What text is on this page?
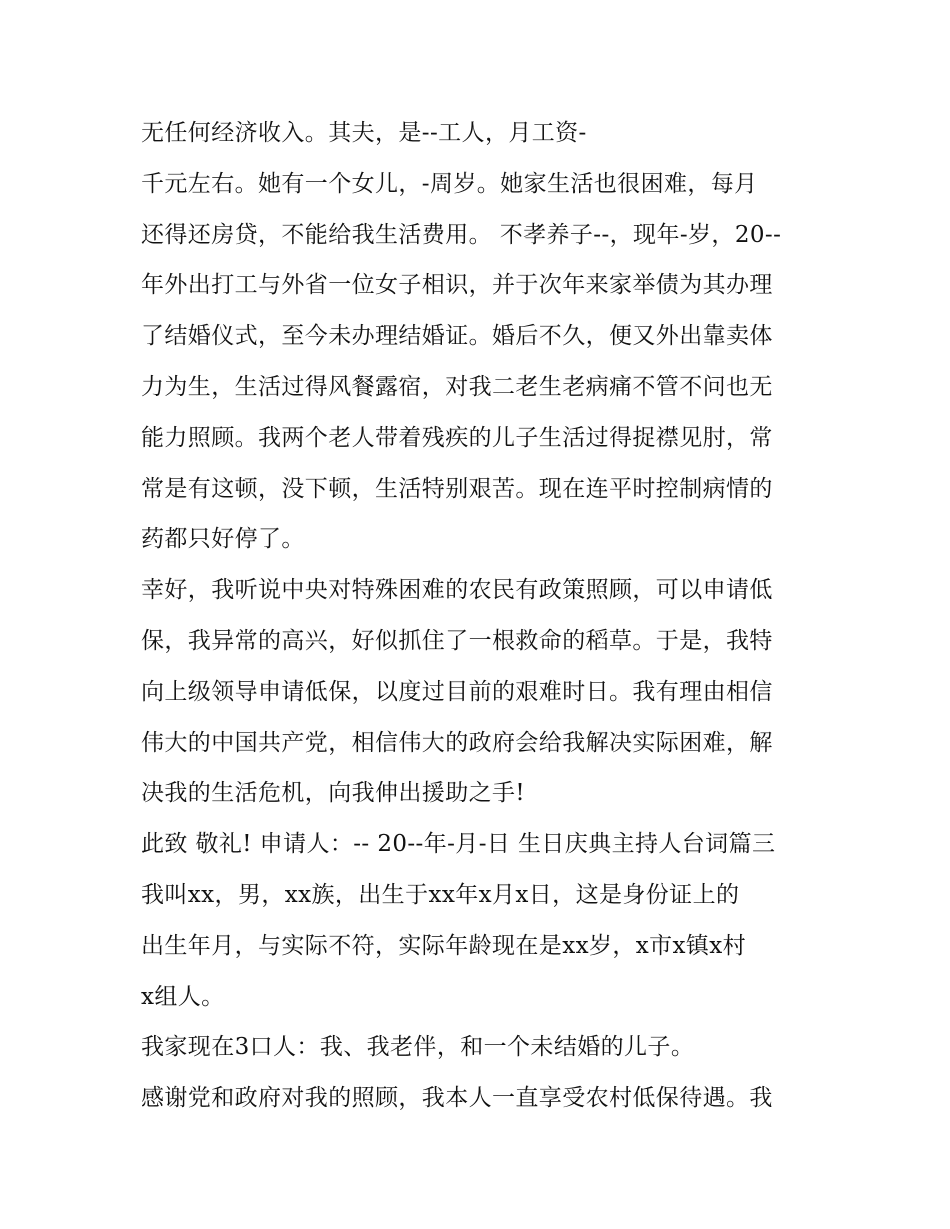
无任何经济收入。其夫，是--工人，月工资-
千元左右。她有一个女儿，-周岁。她家生活也很困难，每月
还得还房贷，不能给我生活费用。 不孝养子--，现年-岁，20--
年外出打工与外省一位女子相识，并于次年来家举债为其办理
了结婚仪式，至今未办理结婚证。婚后不久，便又外出靠卖体
力为生，生活过得风餐露宿，对我二老生老病痛不管不问也无
能力照顾。我两个老人带着残疾的儿子生活过得捉襟见肘，常
常是有这顿，没下顿，生活特别艰苦。现在连平时控制病情的
药都只好停了。
幸好，我听说中央对特殊困难的农民有政策照顾，可以申请低
保，我异常的高兴，好似抓住了一根救命的稻草。于是，我特
向上级领导申请低保，以度过目前的艰难时日。我有理由相信
伟大的中国共产党，相信伟大的政府会给我解决实际困难，解
决我的生活危机，向我伸出援助之手!
此致 敬礼! 申请人：-- 20--年-月-日 生日庆典主持人台词篇三
我叫xx，男，xx族，出生于xx年x月x日，这是身份证上的
出生年月，与实际不符，实际年龄现在是xx岁，x市x镇x村
x组人。
我家现在3口人：我、我老伴，和一个未结婚的儿子。
感谢党和政府对我的照顾，我本人一直享受农村低保待遇。我
